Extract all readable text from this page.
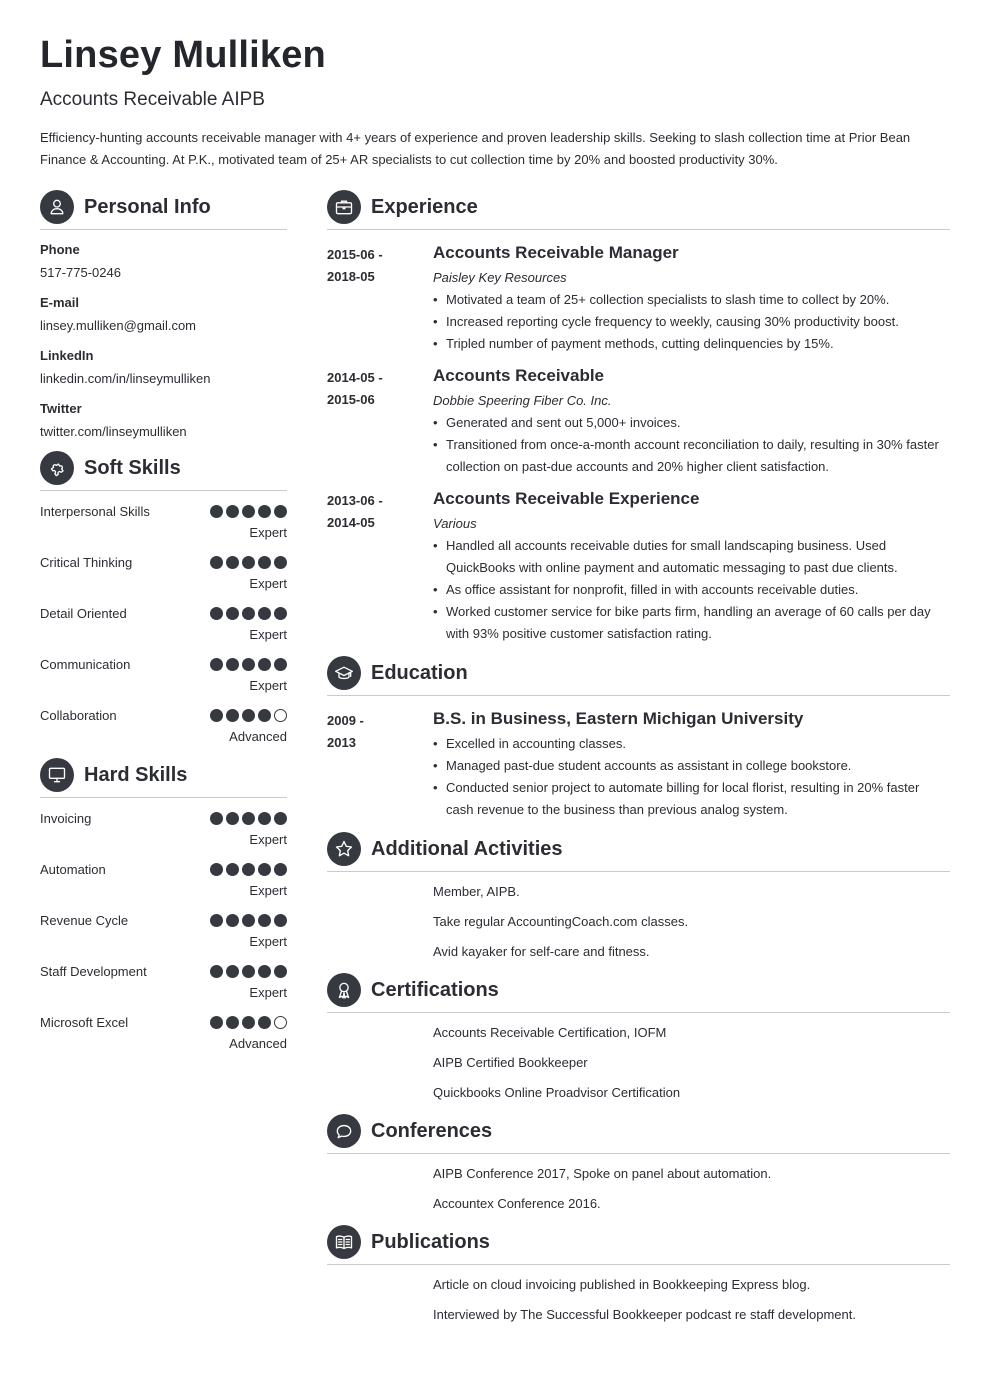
Linsey Mulliken
Accounts Receivable AIPB
Efficiency-hunting accounts receivable manager with 4+ years of experience and proven leadership skills. Seeking to slash collection time at Prior Bean Finance & Accounting. At P.K., motivated team of 25+ AR specialists to cut collection time by 20% and boosted productivity 30%.
Personal Info
Phone
517-775-0246
E-mail
linsey.mulliken@gmail.com
LinkedIn
linkedin.com/in/linseymulliken
Twitter
twitter.com/linseymulliken
Soft Skills
Interpersonal Skills
Expert
Critical Thinking
Expert
Detail Oriented
Expert
Communication
Expert
Collaboration
Advanced
Hard Skills
Invoicing
Expert
Automation
Expert
Revenue Cycle
Expert
Staff Development
Expert
Microsoft Excel
Advanced
Experience
2015-06 -
2018-05
Accounts Receivable Manager
Paisley Key Resources
• Motivated a team of 25+ collection specialists to slash time to collect by 20%.
• Increased reporting cycle frequency to weekly, causing 30% productivity boost.
• Tripled number of payment methods, cutting delinquencies by 15%.
2014-05 -
2015-06
Accounts Receivable
Dobbie Speering Fiber Co. Inc.
• Generated and sent out 5,000+ invoices.
• Transitioned from once-a-month account reconciliation to daily, resulting in 30% faster collection on past-due accounts and 20% higher client satisfaction.
2013-06 -
2014-05
Accounts Receivable Experience
Various
• Handled all accounts receivable duties for small landscaping business. Used QuickBooks with online payment and automatic messaging to past due clients.
• As office assistant for nonprofit, filled in with accounts receivable duties.
• Worked customer service for bike parts firm, handling an average of 60 calls per day with 93% positive customer satisfaction rating.
Education
2009 -
2013
B.S. in Business, Eastern Michigan University
• Excelled in accounting classes.
• Managed past-due student accounts as assistant in college bookstore.
• Conducted senior project to automate billing for local florist, resulting in 20% faster cash revenue to the business than previous analog system.
Additional Activities
Member, AIPB.
Take regular AccountingCoach.com classes.
Avid kayaker for self-care and fitness.
Certifications
Accounts Receivable Certification, IOFM
AIPB Certified Bookkeeper
Quickbooks Online Proadvisor Certification
Conferences
AIPB Conference 2017, Spoke on panel about automation.
Accountex Conference 2016.
Publications
Article on cloud invoicing published in Bookkeeping Express blog.
Interviewed by The Successful Bookkeeper podcast re staff development.
